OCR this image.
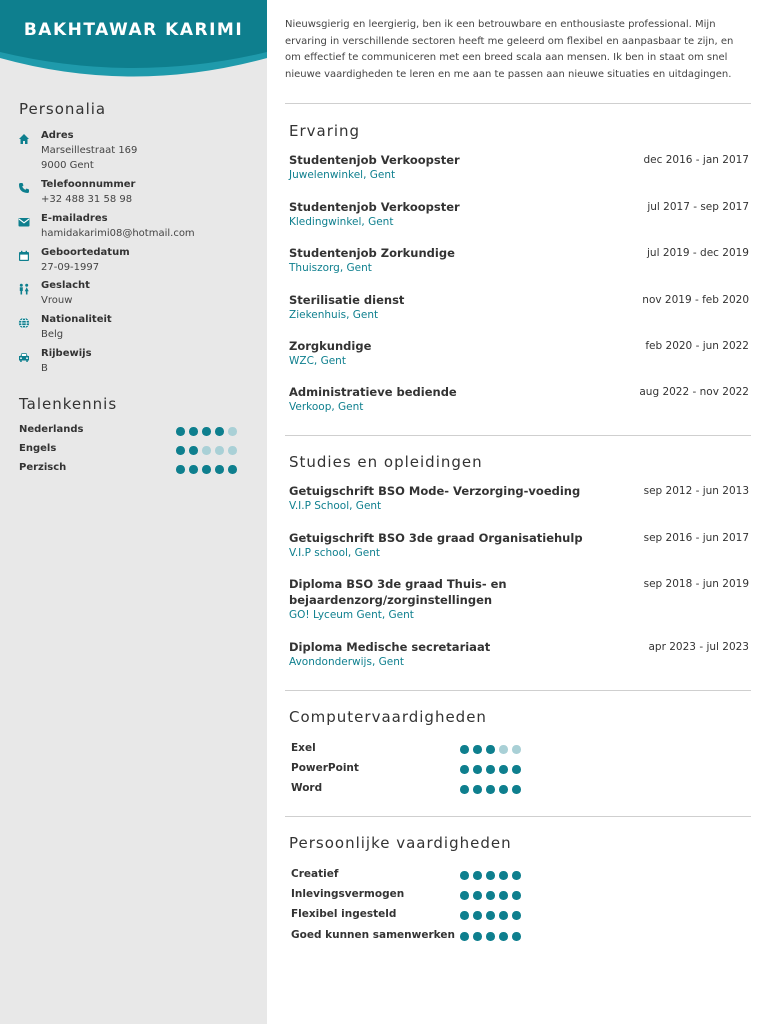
BAKHTAWAR KARIMI
Personalia
Adres
Marseillestraat 169
9000 Gent
Telefoonnummer
+32 488 31 58 98
E-mailadres
hamidakarimi08@hotmail.com
Geboortedatum
27-09-1997
Geslacht
Vrouw
Nationaliteit
Belg
Rijbewijs
B
Talenkennis
Nederlands
Engels
Perzisch
Nieuwsgierig en leergierig, ben ik een betrouwbare en enthousiaste professional. Mijn ervaring in verschillende sectoren heeft me geleerd om flexibel en aanpasbaar te zijn, en om effectief te communiceren met een breed scala aan mensen. Ik ben in staat om snel nieuwe vaardigheden te leren en me aan te passen aan nieuwe situaties en uitdagingen.
Ervaring
Studentenjob Verkoopster
Juwelenwinkel, Gent
dec 2016 - jan 2017
Studentenjob Verkoopster
Kledingwinkel, Gent
jul 2017 - sep 2017
Studentenjob Zorkundige
Thuiszorg, Gent
jul 2019 - dec 2019
Sterilisatie dienst
Ziekenhuis, Gent
nov 2019 - feb 2020
Zorgkundige
WZC, Gent
feb 2020 - jun 2022
Administratieve bediende
Verkoop, Gent
aug 2022 - nov 2022
Studies en opleidingen
Getuigschrift BSO Mode- Verzorging-voeding
V.I.P School, Gent
sep 2012 - jun 2013
Getuigschrift BSO 3de graad Organisatiehulp
V.I.P school, Gent
sep 2016 - jun 2017
Diploma BSO 3de graad Thuis- en bejaardenzorg/zorginstellingen
GO! Lyceum Gent, Gent
sep 2018 - jun 2019
Diploma Medische secretariaat
Avondonderwijs, Gent
apr 2023 - jul 2023
Computervaardigheden
Exel
PowerPoint
Word
Persoonlijke vaardigheden
Creatief
Inlevingsvermogen
Flexibel ingesteld
Goed kunnen samenwerken
